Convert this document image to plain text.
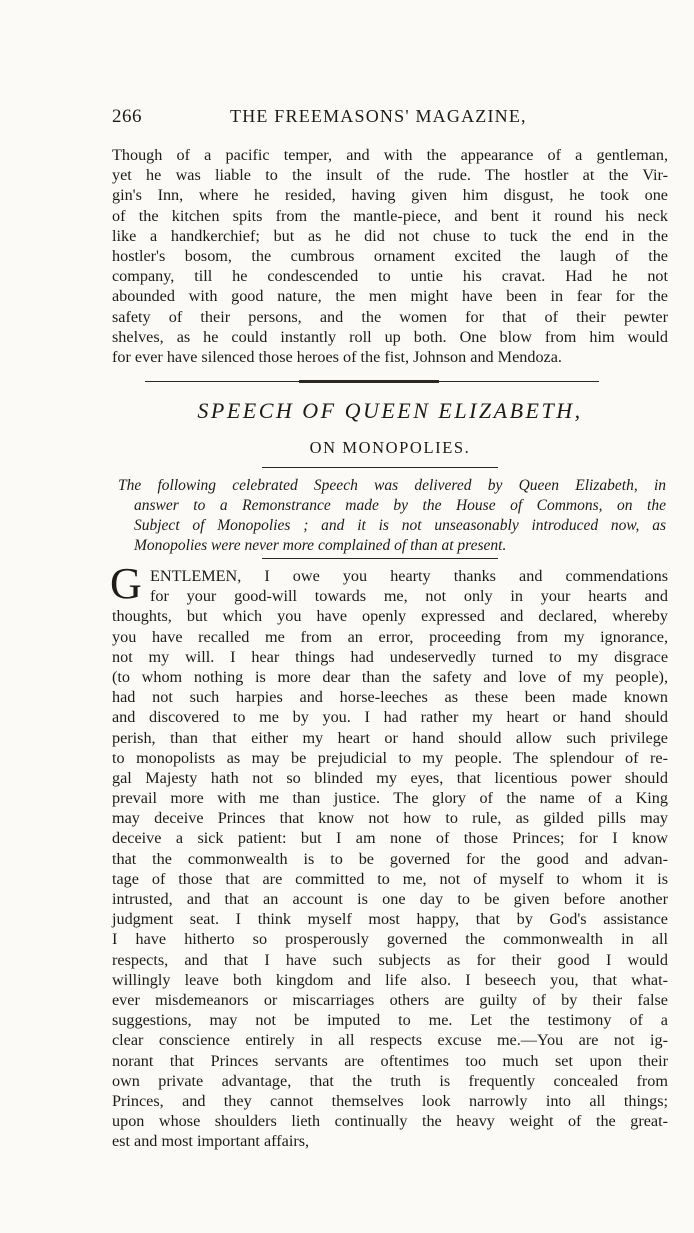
266	THE FREEMASONS' MAGAZINE,
Though of a pacific temper, and with the appearance of a gentleman,
yet he was liable to the insult of the rude. The hostler at the Vir-
gin's Inn, where he resided, having given him disgust, he took one
of the kitchen spits from the mantle-piece, and bent it round his neck
like a handkerchief; but as he did not chuse to tuck the end in the
hostler's bosom, the cumbrous ornament excited the laugh of the
company, till he condescended to untie his cravat. Had he not
abounded with good nature, the men might have been in fear for the
safety of their persons, and the women for that of their pewter
shelves, as he could instantly roll up both. One blow from him would
for ever have silenced those heroes of the fist, Johnson and Mendoza.
SPEECH OF QUEEN ELIZABETH,
ON MONOPOLIES.
The following celebrated Speech was delivered by Queen Elizabeth, in
answer to a Remonstrance made by the House of Commons, on the
Subject of Monopolies ; and it is not unseasonably introduced now, as
Monopolies were never more complained of than at present.
G ENTLEMEN, I owe you hearty thanks and commendations
for your good-will towards me, not only in your hearts and
thoughts, but which you have openly expressed and declared, whereby
you have recalled me from an error, proceeding from my ignorance,
not my will. I hear things had undeservedly turned to my disgrace
(to whom nothing is more dear than the safety and love of my people),
had not such harpies and horse-leeches as these been made known
and discovered to me by you. I had rather my heart or hand should
perish, than that either my heart or hand should allow such privilege
to monopolists as may be prejudicial to my people. The splendour of re-
gal Majesty hath not so blinded my eyes, that licentious power should
prevail more with me than justice. The glory of the name of a King
may deceive Princes that know not how to rule, as gilded pills may
deceive a sick patient: but I am none of those Princes; for I know
that the commonwealth is to be governed for the good and advan-
tage of those that are committed to me, not of myself to whom it is
intrusted, and that an account is one day to be given before another
judgment seat. I think myself most happy, that by God's assistance
I have hitherto so prosperously governed the commonwealth in all
respects, and that I have such subjects as for their good I would
willingly leave both kingdom and life also. I beseech you, that what-
ever misdemeanors or miscarriages others are guilty of by their false
suggestions, may not be imputed to me. Let the testimony of a
clear conscience entirely in all respects excuse me.—You are not ig-
norant that Princes servants are oftentimes too much set upon their
own private advantage, that the truth is frequently concealed from
Princes, and they cannot themselves look narrowly into all things;
upon whose shoulders lieth continually the heavy weight of the great-
est and most important affairs,
